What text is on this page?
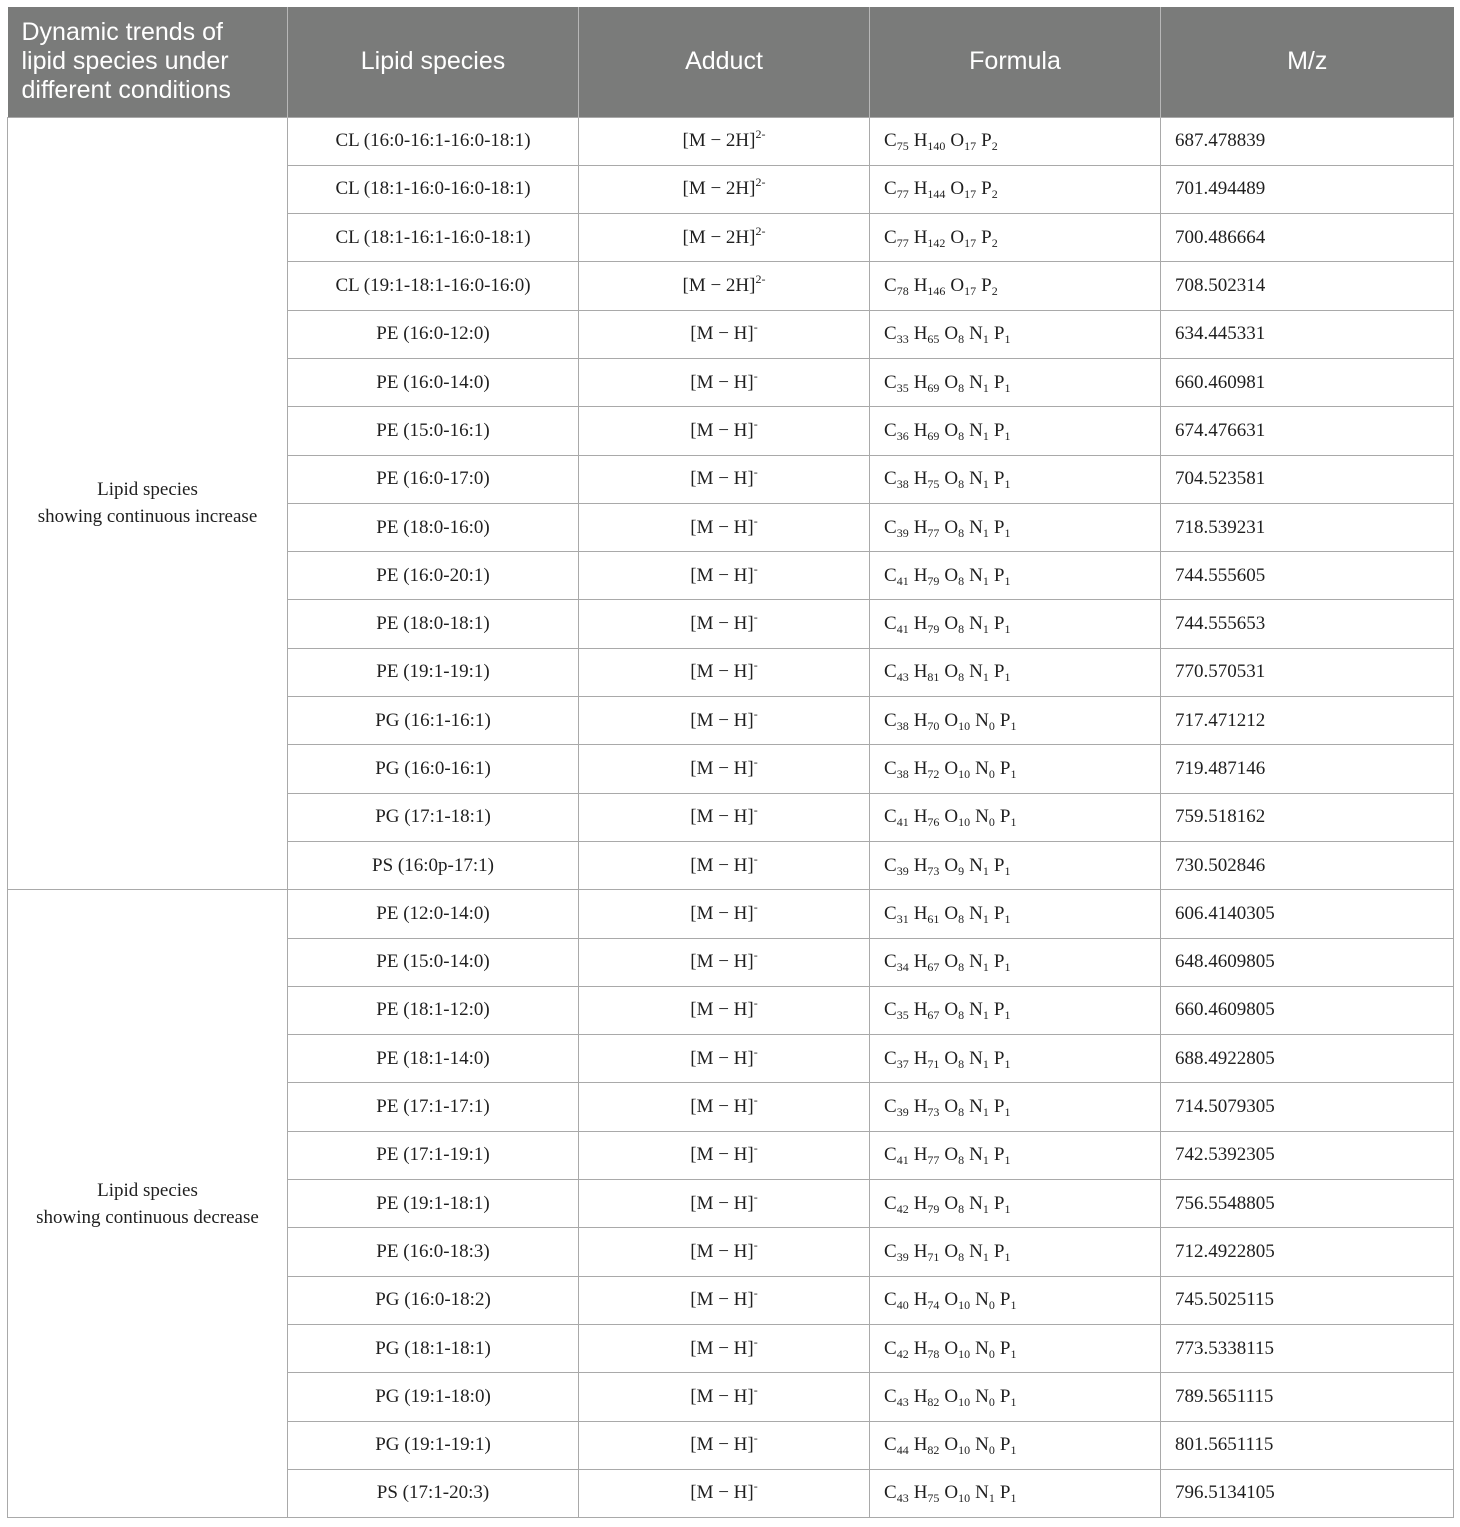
Dynamic trends of lipid species under different conditions	Lipid species	Adduct	Formula	M/z
Lipid species
showing continuous increase	CL (16:0-16:1-16:0-18:1)	$[M - 2H]^{2-}$	$C_{75}$ $H_{140}$ $O_{17}$ $P_2$	687.478839
	CL (18:1-16:0-16:0-18:1)	$[M - 2H]^{2-}$	$C_{77}$ $H_{144}$ $O_{17}$ $P_2$	701.494489
	CL (18:1-16:1-16:0-18:1)	$[M - 2H]^{2-}$	$C_{77}$ $H_{142}$ $O_{17}$ $P_2$	700.486664
	CL (19:1-18:1-16:0-16:0)	$[M - 2H]^{2-}$	$C_{78}$ $H_{146}$ $O_{17}$ $P_2$	708.502314
	PE (16:0-12:0)	[M − H]-	$C_{33}$ $H_{65}$ $O_8$ $N_1$ $P_1$	634.445331
	PE (16:0-14:0)	[M − H]-	$C_{35}$ $H_{69}$ $O_8$ $N_1$ $P_1$	660.460981
	PE (15:0-16:1)	[M − H]-	$C_{36}$ $H_{69}$ $O_8$ $N_1$ $P_1$	674.476631
	PE (16:0-17:0)	[M − H]-	$C_{38}$ $H_{75}$ $O_8$ $N_1$ $P_1$	704.523581
	PE (18:0-16:0)	[M − H]-	$C_{39}$ $H_{77}$ $O_8$ $N_1$ $P_1$	718.539231
	PE (16:0-20:1)	[M − H]-	$C_{41}$ $H_{79}$ $O_8$ $N_1$ $P_1$	744.555605
	PE (18:0-18:1)	[M − H]-	$C_{41}$ $H_{79}$ $O_8$ $N_1$ $P_1$	744.555653
	PE (19:1-19:1)	[M − H]-	$C_{43}$ $H_{81}$ $O_8$ $N_1$ $P_1$	770.570531
	PG (16:1-16:1)	[M − H]-	$C_{38}$ $H_{70}$ $O_{10}$ $N_0$ $P_1$	717.471212
	PG (16:0-16:1)	[M − H]-	$C_{38}$ $H_{72}$ $O_{10}$ $N_0$ $P_1$	719.487146
	PG (17:1-18:1)	[M − H]-	$C_{41}$ $H_{76}$ $O_{10}$ $N_0$ $P_1$	759.518162
	PS (16:0p-17:1)	[M − H]-	$C_{39}$ $H_{73}$ $O_9$ $N_1$ $P_1$	730.502846
Lipid species
showing continuous decrease	PE (12:0-14:0)	[M − H]-	$C_{31}$ $H_{61}$ $O_8$ $N_1$ $P_1$	606.4140305
	PE (15:0-14:0)	[M − H]-	$C_{34}$ $H_{67}$ $O_8$ $N_1$ $P_1$	648.4609805
	PE (18:1-12:0)	[M − H]-	$C_{35}$ $H_{67}$ $O_8$ $N_1$ $P_1$	660.4609805
	PE (18:1-14:0)	[M − H]-	$C_{37}$ $H_{71}$ $O_8$ $N_1$ $P_1$	688.4922805
	PE (17:1-17:1)	[M − H]-	$C_{39}$ $H_{73}$ $O_8$ $N_1$ $P_1$	714.5079305
	PE (17:1-19:1)	[M − H]-	$C_{41}$ $H_{77}$ $O_8$ $N_1$ $P_1$	742.5392305
	PE (19:1-18:1)	[M − H]-	$C_{42}$ $H_{79}$ $O_8$ $N_1$ $P_1$	756.5548805
	PE (16:0-18:3)	[M − H]-	$C_{39}$ $H_{71}$ $O_8$ $N_1$ $P_1$	712.4922805
	PG (16:0-18:2)	[M − H]-	$C_{40}$ $H_{74}$ $O_{10}$ $N_0$ $P_1$	745.5025115
	PG (18:1-18:1)	[M − H]-	$C_{42}$ $H_{78}$ $O_{10}$ $N_0$ $P_1$	773.5338115
	PG (19:1-18:0)	[M − H]-	$C_{43}$ $H_{82}$ $O_{10}$ $N_0$ $P_1$	789.5651115
	PG (19:1-19:1)	[M − H]-	$C_{44}$ $H_{82}$ $O_{10}$ $N_0$ $P_1$	801.5651115
	PS (17:1-20:3)	[M − H]-	$C_{43}$ $H_{75}$ $O_{10}$ $N_1$ $P_1$	796.5134105
